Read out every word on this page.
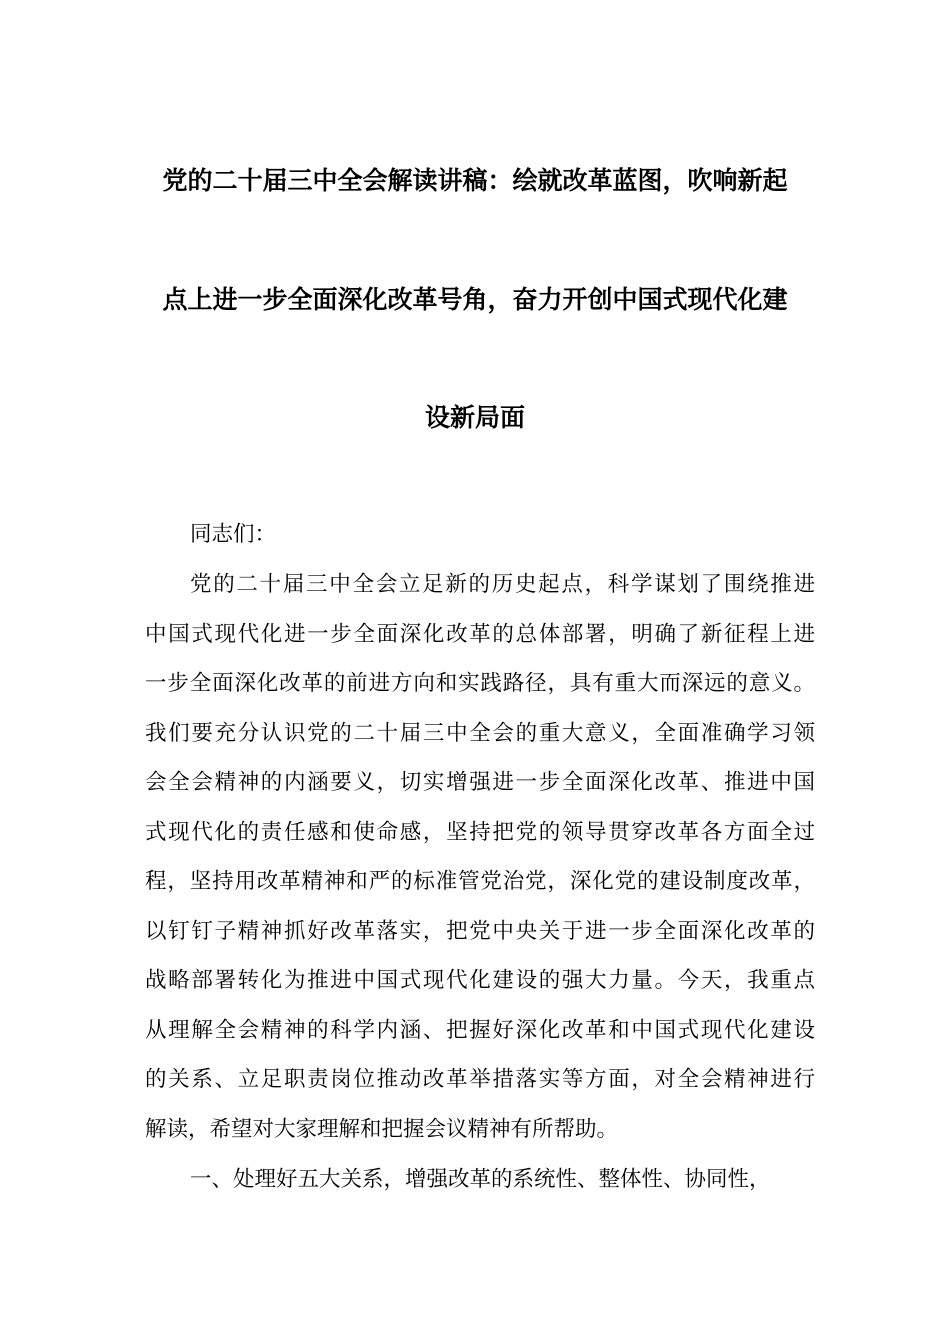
党的二十届三中全会解读讲稿：绘就改革蓝图，吹响新起
点上进一步全面深化改革号角，奋力开创中国式现代化建
设新局面
同志们：
党的二十届三中全会立足新的历史起点，科学谋划了围绕推进
中国式现代化进一步全面深化改革的总体部署，明确了新征程上进
一步全面深化改革的前进方向和实践路径，具有重大而深远的意义。
我们要充分认识党的二十届三中全会的重大意义，全面准确学习领
会全会精神的内涵要义，切实增强进一步全面深化改革、推进中国
式现代化的责任感和使命感，坚持把党的领导贯穿改革各方面全过
程，坚持用改革精神和严的标准管党治党，深化党的建设制度改革，
以钉钉子精神抓好改革落实，把党中央关于进一步全面深化改革的
战略部署转化为推进中国式现代化建设的强大力量。今天，我重点
从理解全会精神的科学内涵、把握好深化改革和中国式现代化建设
的关系、立足职责岗位推动改革举措落实等方面，对全会精神进行
解读，希望对大家理解和把握会议精神有所帮助。
一、处理好五大关系，增强改革的系统性、整体性、协同性，
